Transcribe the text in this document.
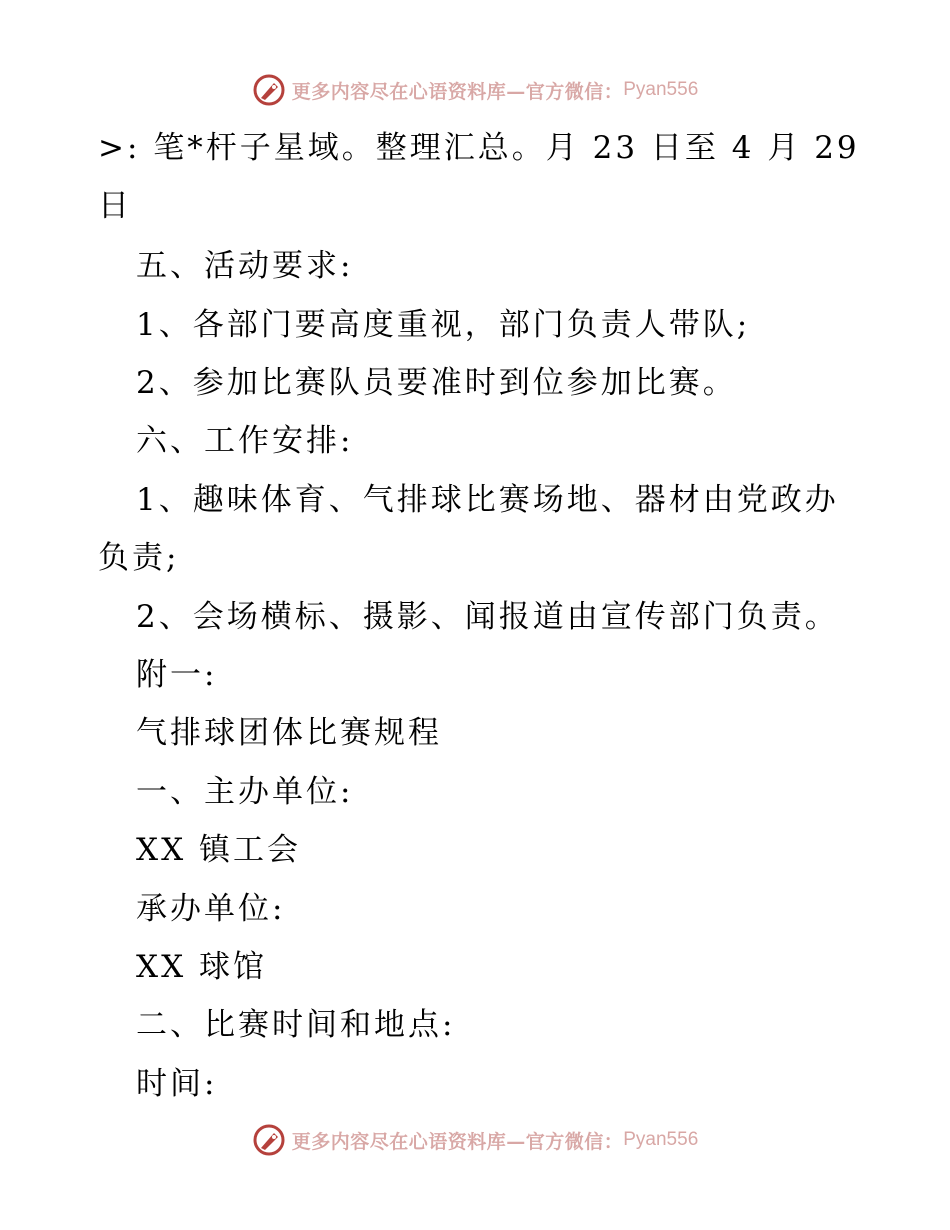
更多内容尽在心语资料库—官方微信： Pyan556
>: 笔*杆子星域。整理汇总。月 23 日至 4 月 29
日
五、活动要求:
1、各部门要高度重视，部门负责人带队;
2、参加比赛队员要准时到位参加比赛。
六、工作安排:
1、趣味体育、气排球比赛场地、器材由党政办
负责;
2、会场横标、摄影、闻报道由宣传部门负责。
附一:
气排球团体比赛规程
一、主办单位:
XX 镇工会
承办单位:
XX 球馆
二、比赛时间和地点:
时间:
更多内容尽在心语资料库—官方微信： Pyan556
